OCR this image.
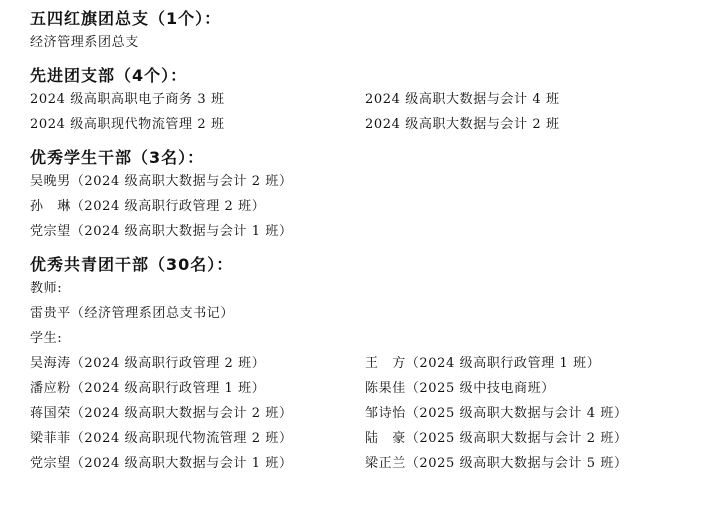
五四红旗团总支（1个）：
经济管理系团总支
先进团支部（4个）：
2024 级高职高职电子商务 3 班	2024 级高职大数据与会计 4 班
2024 级高职现代物流管理 2 班	2024 级高职大数据与会计 2 班
优秀学生干部（3名）：
吴晚男（2024 级高职大数据与会计 2 班）
孙　琳（2024 级高职行政管理 2 班）
党宗望（2024 级高职大数据与会计 1 班）
优秀共青团干部（30名）：
教师:
雷贵平（经济管理系团总支书记）
学生:
吴海涛（2024 级高职行政管理 2 班）	王　方（2024 级高职行政管理 1 班）
潘应粉（2024 级高职行政管理 1 班）	陈果佳（2025 级中技电商班）
蒋国荣（2024 级高职大数据与会计 2 班）	邹诗怡（2025 级高职大数据与会计 4 班）
梁菲菲（2024 级高职现代物流管理 2 班）	陆　豪（2025 级高职大数据与会计 2 班）
党宗望（2024 级高职大数据与会计 1 班）	梁正兰（2025 级高职大数据与会计 5 班）
